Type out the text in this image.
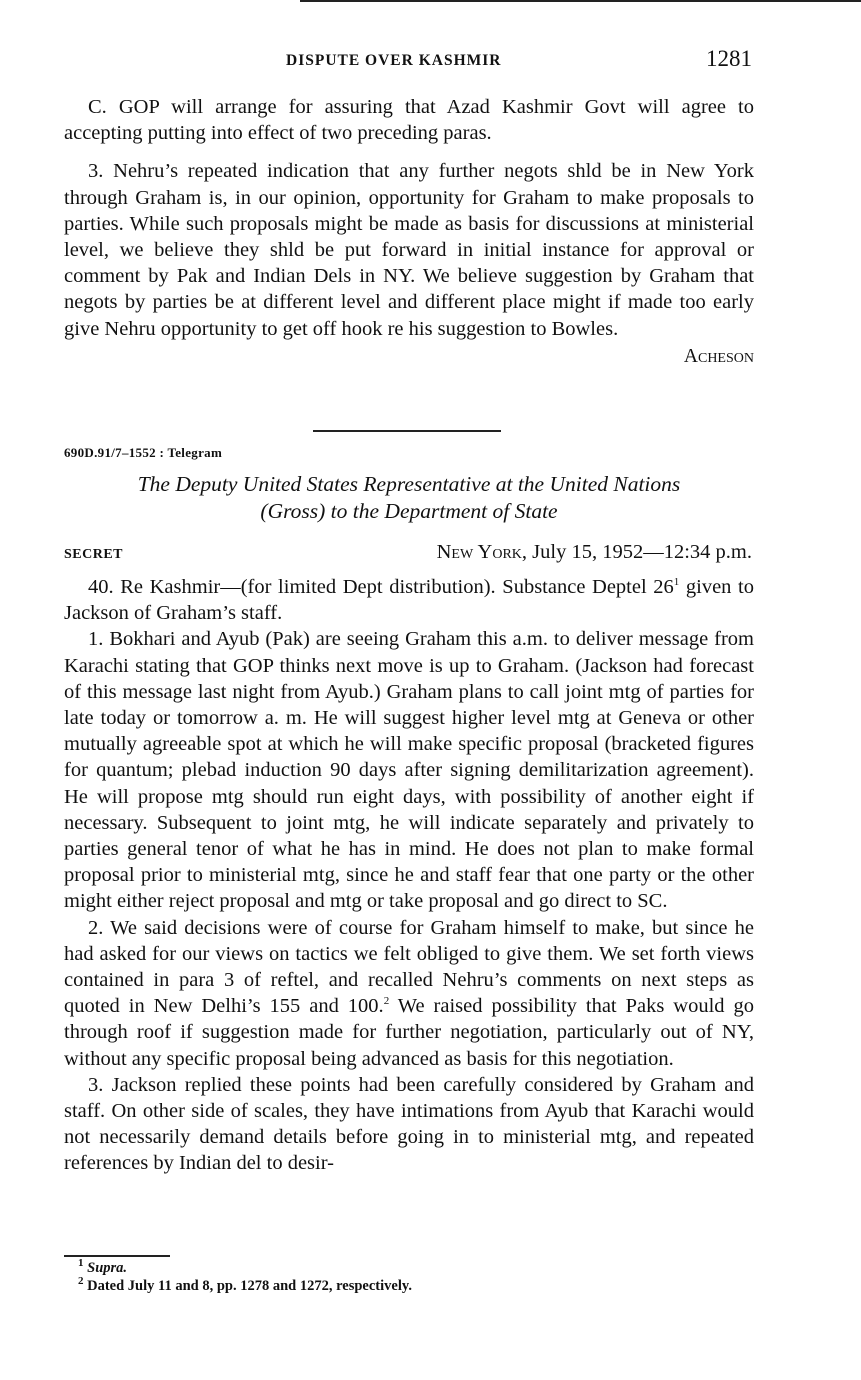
DISPUTE OVER KASHMIR	1281

C. GOP will arrange for assuring that Azad Kashmir Govt will agree to accepting putting into effect of two preceding paras.

3. Nehru’s repeated indication that any further negots shld be in New York through Graham is, in our opinion, opportunity for Graham to make proposals to parties. While such proposals might be made as basis for discussions at ministerial level, we believe they shld be put forward in initial instance for approval or comment by Pak and Indian Dels in NY. We believe suggestion by Graham that negots by parties be at different level and different place might if made too early give Nehru opportunity to get off hook re his suggestion to Bowles.

Acheson

690D.91/7–1552 : Telegram
The Deputy United States Representative at the United Nations
(Gross) to the Department of State
SECRET	New York, July 15, 1952—12:34 p.m.

40. Re Kashmir—(for limited Dept distribution). Substance Deptel $26^1$ given to Jackson of Graham’s staff.

1. Bokhari and Ayub (Pak) are seeing Graham this a.m. to deliver message from Karachi stating that GOP thinks next move is up to Graham. (Jackson had forecast of this message last night from Ayub.) Graham plans to call joint mtg of parties for late today or tomorrow a. m. He will suggest higher level mtg at Geneva or other mutually agreeable spot at which he will make specific proposal (bracketed figures for quantum; plebad induction 90 days after signing demilitarization agreement). He will propose mtg should run eight days, with possibility of another eight if necessary. Subsequent to joint mtg, he will indicate separately and privately to parties general tenor of what he has in mind. He does not plan to make formal proposal prior to ministerial mtg, since he and staff fear that one party or the other might either reject proposal and mtg or take proposal and go direct to SC.

2. We said decisions were of course for Graham himself to make, but since he had asked for our views on tactics we felt obliged to give them. We set forth views contained in para 3 of reftel, and recalled Nehru’s comments on next steps as quoted in New Delhi’s 155 and 100.$^2$ We raised possibility that Paks would go through roof if suggestion made for further negotiation, particularly out of NY, without any specific proposal being advanced as basis for this negotiation.

3. Jackson replied these points had been carefully considered by Graham and staff. On other side of scales, they have intimations from Ayub that Karachi would not necessarily demand details before going in to ministerial mtg, and repeated references by Indian del to desir-

$^1$ Supra.
$^2$ Dated July 11 and 8, pp. 1278 and 1272, respectively.
